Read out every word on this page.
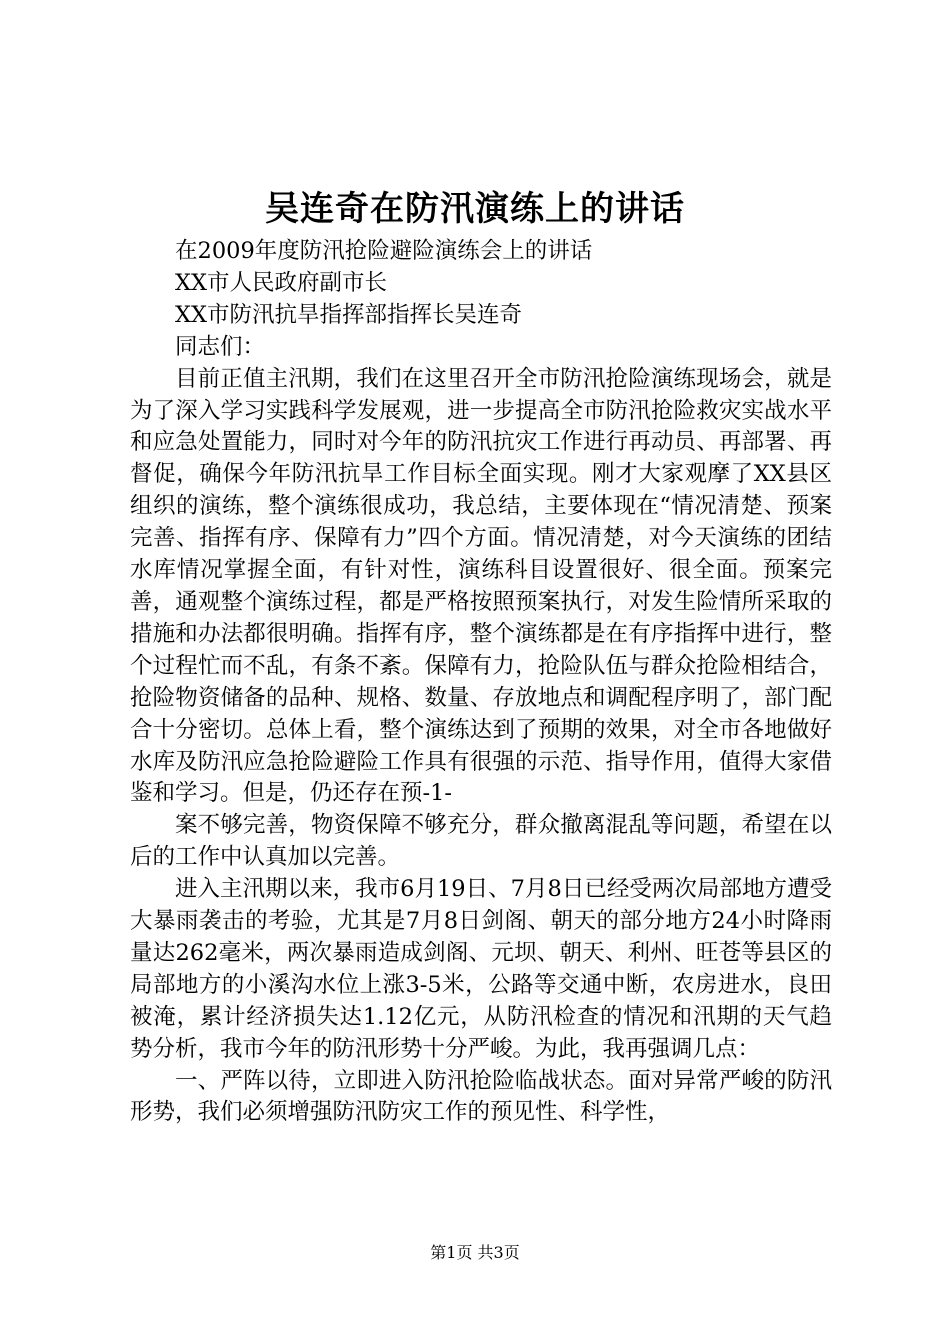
吴连奇在防汛演练上的讲话

在2009年度防汛抢险避险演练会上的讲话

XX市人民政府副市长

XX市防汛抗旱指挥部指挥长吴连奇

同志们：

目前正值主汛期，我们在这里召开全市防汛抢险演练现场会，就是为了深入学习实践科学发展观，进一步提高全市防汛抢险救灾实战水平和应急处置能力，同时对今年的防汛抗灾工作进行再动员、再部署、再督促，确保今年防汛抗旱工作目标全面实现。刚才大家观摩了XX县区组织的演练，整个演练很成功，我总结，主要体现在“情况清楚、预案完善、指挥有序、保障有力”四个方面。情况清楚，对今天演练的团结水库情况掌握全面，有针对性，演练科目设置很好、很全面。预案完善，通观整个演练过程，都是严格按照预案执行，对发生险情所采取的措施和办法都很明确。指挥有序，整个演练都是在有序指挥中进行，整个过程忙而不乱，有条不紊。保障有力，抢险队伍与群众抢险相结合，抢险物资储备的品种、规格、数量、存放地点和调配程序明了，部门配合十分密切。总体上看，整个演练达到了预期的效果，对全市各地做好水库及防汛应急抢险避险工作具有很强的示范、指导作用，值得大家借鉴和学习。但是，仍还存在预-1-

案不够完善，物资保障不够充分，群众撤离混乱等问题，希望在以后的工作中认真加以完善。

进入主汛期以来，我市6月19日、7月8日已经受两次局部地方遭受大暴雨袭击的考验，尤其是7月8日剑阁、朝天的部分地方24小时降雨量达262毫米，两次暴雨造成剑阁、元坝、朝天、利州、旺苍等县区的局部地方的小溪沟水位上涨3-5米，公路等交通中断，农房进水，良田被淹，累计经济损失达1.12亿元，从防汛检查的情况和汛期的天气趋势分析，我市今年的防汛形势十分严峻。为此，我再强调几点：

一、严阵以待，立即进入防汛抢险临战状态。面对异常严峻的防汛形势，我们必须增强防汛防灾工作的预见性、科学性，

第1页 共3页
